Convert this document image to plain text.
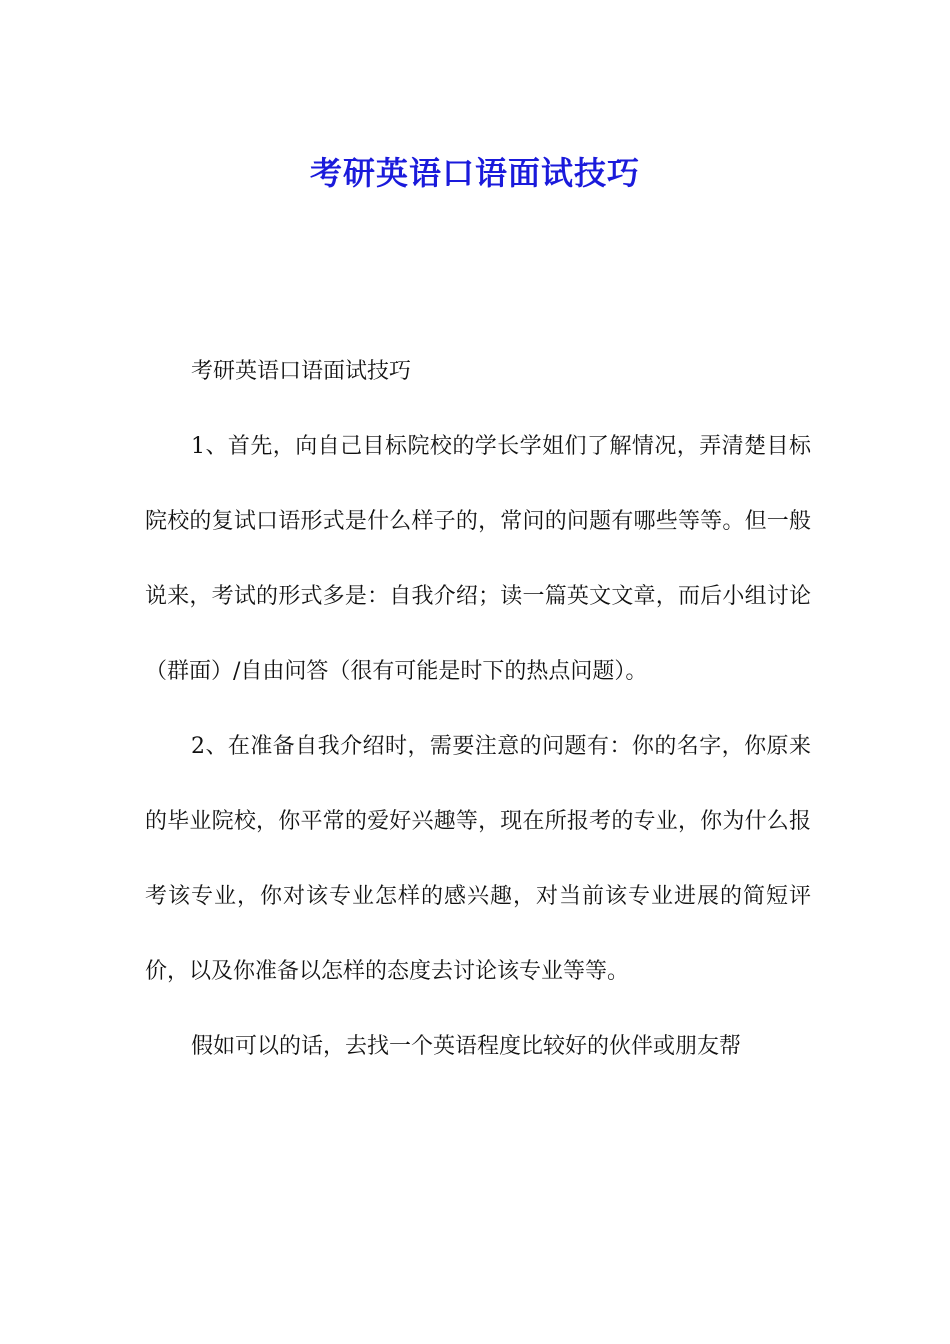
考研英语口语面试技巧

考研英语口语面试技巧

1、首先，向自己目标院校的学长学姐们了解情况，弄清楚目标院校的复试口语形式是什么样子的，常问的问题有哪些等等。但一般说来，考试的形式多是：自我介绍；读一篇英文文章，而后小组讨论（群面）/自由问答（很有可能是时下的热点问题）。

2、在准备自我介绍时，需要注意的问题有：你的名字，你原来的毕业院校，你平常的爱好兴趣等，现在所报考的专业，你为什么报考该专业，你对该专业怎样的感兴趣，对当前该专业进展的简短评价，以及你准备以怎样的态度去讨论该专业等等。

假如可以的话，去找一个英语程度比较好的伙伴或朋友帮
